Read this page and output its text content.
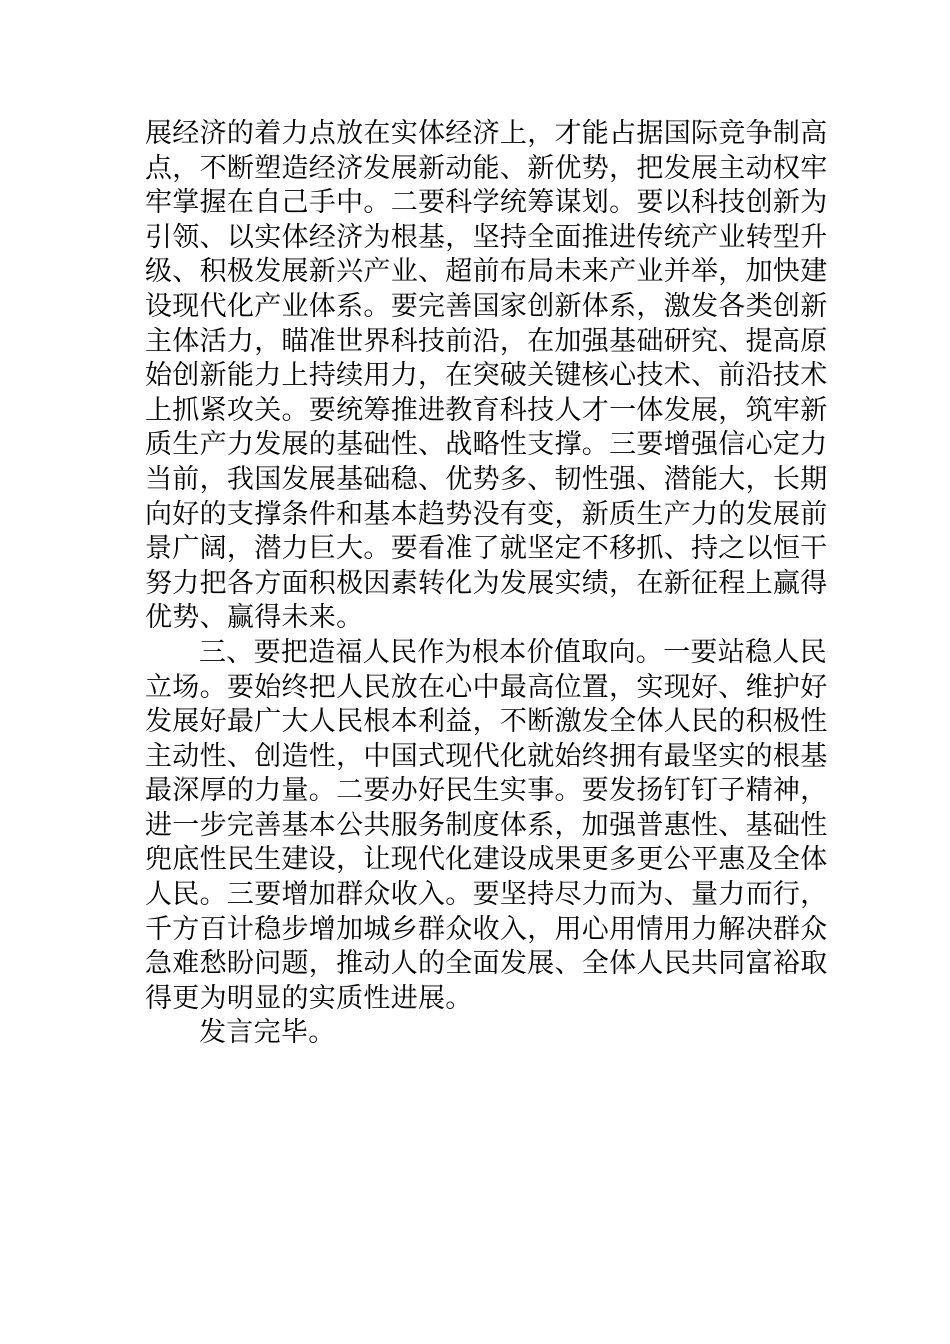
展经济的着力点放在实体经济上，才能占据国际竞争制高
点，不断塑造经济发展新动能、新优势，把发展主动权牢
牢掌握在自己手中。二要科学统筹谋划。要以科技创新为
引领、以实体经济为根基，坚持全面推进传统产业转型升
级、积极发展新兴产业、超前布局未来产业并举，加快建
设现代化产业体系。要完善国家创新体系，激发各类创新
主体活力，瞄准世界科技前沿，在加强基础研究、提高原
始创新能力上持续用力，在突破关键核心技术、前沿技术
上抓紧攻关。要统筹推进教育科技人才一体发展，筑牢新
质生产力发展的基础性、战略性支撑。三要增强信心定力
当前，我国发展基础稳、优势多、韧性强、潜能大，长期
向好的支撑条件和基本趋势没有变，新质生产力的发展前
景广阔，潜力巨大。要看准了就坚定不移抓、持之以恒干
努力把各方面积极因素转化为发展实绩，在新征程上赢得
优势、赢得未来。
三、要把造福人民作为根本价值取向。一要站稳人民
立场。要始终把人民放在心中最高位置，实现好、维护好
发展好最广大人民根本利益，不断激发全体人民的积极性
主动性、创造性，中国式现代化就始终拥有最坚实的根基
最深厚的力量。二要办好民生实事。要发扬钉钉子精神，
进一步完善基本公共服务制度体系，加强普惠性、基础性
兜底性民生建设，让现代化建设成果更多更公平惠及全体
人民。三要增加群众收入。要坚持尽力而为、量力而行，
千方百计稳步增加城乡群众收入，用心用情用力解决群众
急难愁盼问题，推动人的全面发展、全体人民共同富裕取
得更为明显的实质性进展。
发言完毕。
